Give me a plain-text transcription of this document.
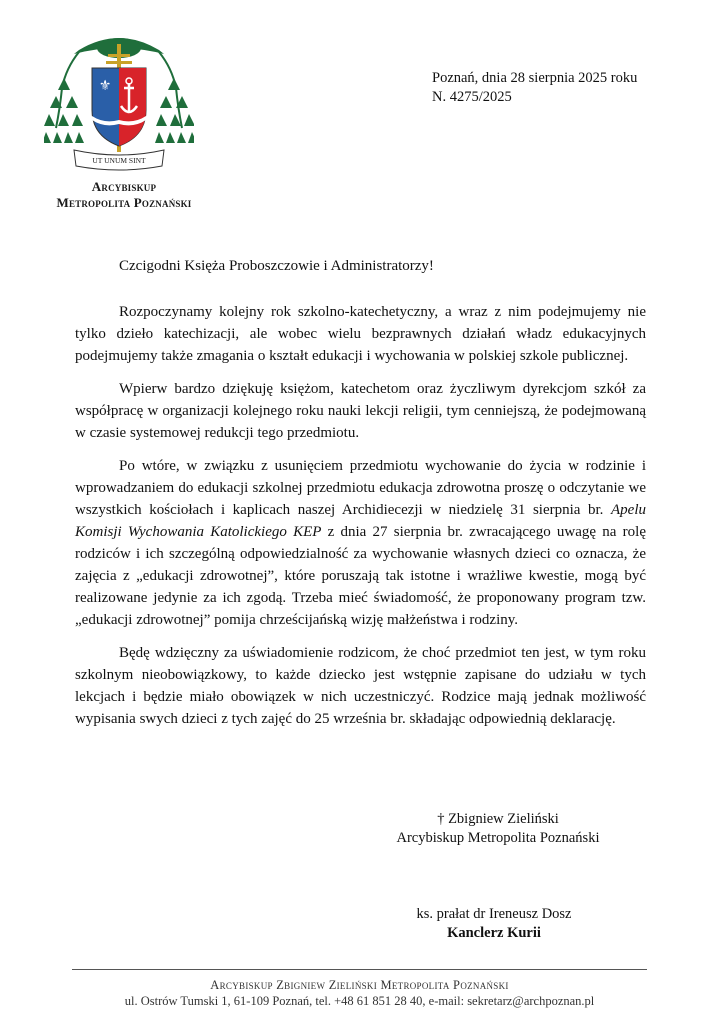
⚜
UT UNUM SINT
Arcybiskup
Metropolita Poznański
Poznań, dnia 28 sierpnia 2025 roku
N. 4275/2025
Czcigodni Księża Proboszczowie i Administratorzy!

Rozpoczynamy kolejny rok szkolno-katechetyczny, a wraz z nim podejmujemy nie tylko dzieło katechizacji, ale wobec wielu bezprawnych działań władz edukacyjnych podejmujemy także zmagania o kształt edukacji i wychowania w polskiej szkole publicznej.

Wpierw bardzo dziękuję księżom, katechetom oraz życzliwym dyrekcjom szkół za współpracę w organizacji kolejnego roku nauki lekcji religii, tym cenniejszą, że podejmowaną w czasie systemowej redukcji tego przedmiotu.

Po wtóre, w związku z usunięciem przedmiotu wychowanie do życia w rodzinie i wprowadzaniem do edukacji szkolnej przedmiotu edukacja zdrowotna proszę o odczytanie we wszystkich kościołach i kaplicach naszej Archidiecezji w niedzielę 31 sierpnia br. Apelu Komisji Wychowania Katolickiego KEP z dnia 27 sierpnia br. zwracającego uwagę na rolę rodziców i ich szczególną odpowiedzialność za wychowanie własnych dzieci co oznacza, że zajęcia z „edukacji zdrowotnej”, które poruszają tak istotne i wrażliwe kwestie, mogą być realizowane jedynie za ich zgodą. Trzeba mieć świadomość, że proponowany program tzw. „edukacji zdrowotnej” pomija chrześcijańską wizję małżeństwa i rodziny.

Będę wdzięczny za uświadomienie rodzicom, że choć przedmiot ten jest, w tym roku szkolnym nieobowiązkowy, to każde dziecko jest wstępnie zapisane do udziału w tych lekcjach i będzie miało obowiązek w nich uczestniczyć. Rodzice mają jednak możliwość wypisania swych dzieci z tych zajęć do 25 września br. składając odpowiednią deklarację.

† Zbigniew Zieliński
Arcybiskup Metropolita Poznański
ks. prałat dr Ireneusz Dosz
Kanclerz Kurii
Arcybiskup Zbigniew Zieliński Metropolita Poznański
ul. Ostrów Tumski 1, 61-109 Poznań, tel. +48 61 851 28 40, e-mail: sekretarz@archpoznan.pl
